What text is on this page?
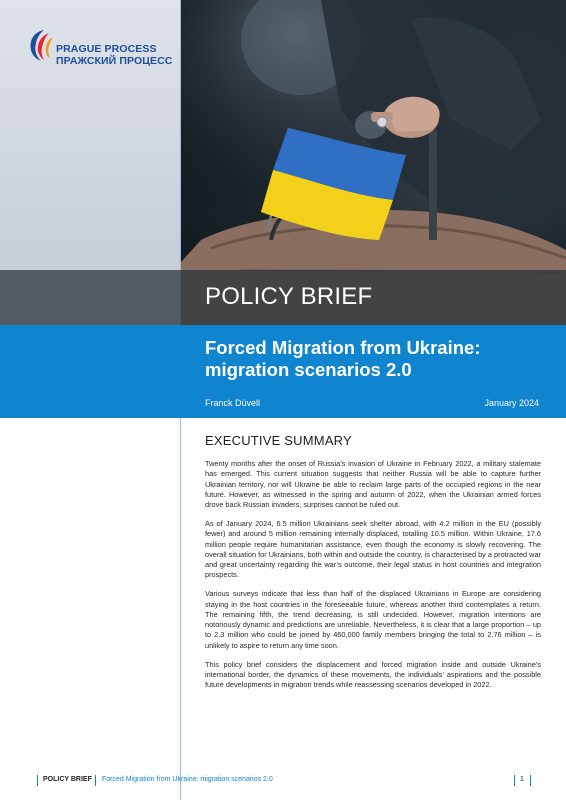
PRAGUE PROCESS
ПРАЖСКИЙ ПРОЦЕСС
POLICY BRIEF
Forced Migration from Ukraine: migration scenarios 2.0
Franck Düvell	January 2024
EXECUTIVE SUMMARY

Twenty months after the onset of Russia’s invasion of Ukraine in February 2022, a military stalemate has emerged. This current situation suggests that neither Russia will be able to capture further Ukrainian territory, nor will Ukraine be able to reclaim large parts of the occupied regions in the near future. However, as witnessed in the spring and autumn of 2022, when the Ukrainian armed forces drove back Russian invaders, surprises cannot be ruled out.

As of January 2024, 6.5 million Ukrainians seek shelter abroad, with 4.2 million in the EU (possibly fewer) and around 5 million remaining internally displaced, totalling 10.5 million. Within Ukraine, 17.6 million people require humanitarian assistance, even though the economy is slowly recovering. The overall situation for Ukrainians, both within and outside the country, is characterised by a protracted war and great uncertainty regarding the war’s outcome, their legal status in host countries and integration prospects.

Various surveys indicate that less than half of the displaced Ukrainians in Europe are considering staying in the host countries in the foreseeable future, whereas another third contemplates a return. The remaining fifth, the trend decreasing, is still undecided. However, migration intentions are notoriously dynamic and predictions are unreliable. Nevertheless, it is clear that a large proportion – up to 2.3 million who could be joined by 460,000 family members bringing the total to 2.76 million – is unlikely to aspire to return any time soon.

This policy brief considers the displacement and forced migration inside and outside Ukraine’s international border, the dynamics of these movements, the individuals’ aspirations and the possible future developments in migration trends while reassessing scenarios developed in 2022.

POLICY BRIEF Forced Migration from Ukraine: migration scenarios 2.0	1
